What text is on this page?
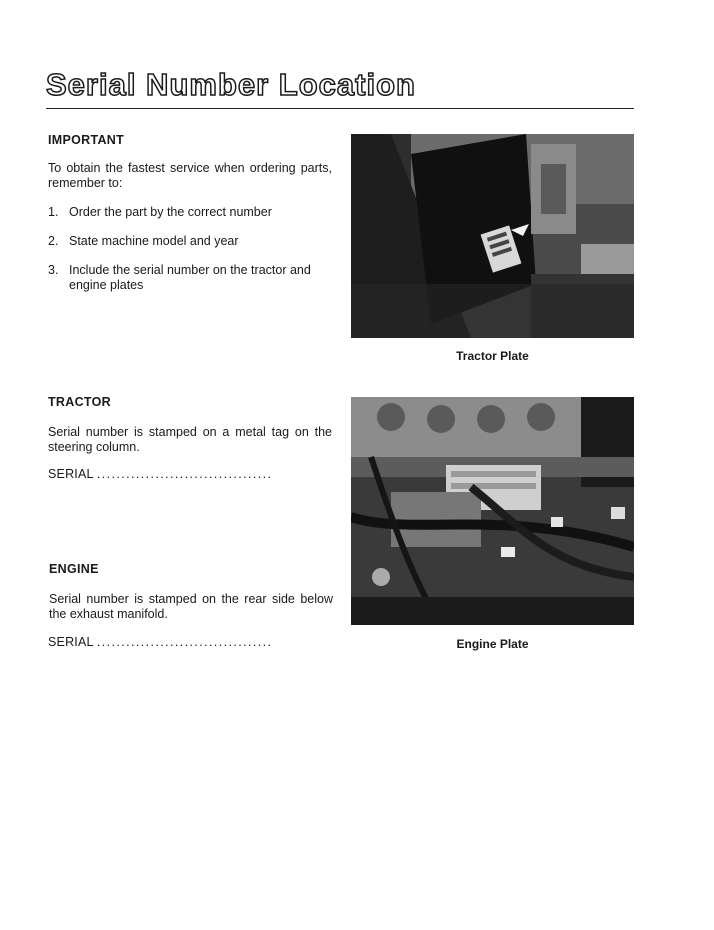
Serial Number Location
IMPORTANT
To obtain the fastest service when ordering parts, remember to:
1. Order the part by the correct number
2. State machine model and year
3. Include the serial number on the tractor and engine plates
Tractor Plate
TRACTOR
Serial number is stamped on a metal tag on the steering column.
SERIAL ....................................
Engine Plate
ENGINE
Serial number is stamped on the rear side below the exhaust manifold.
SERIAL ....................................
